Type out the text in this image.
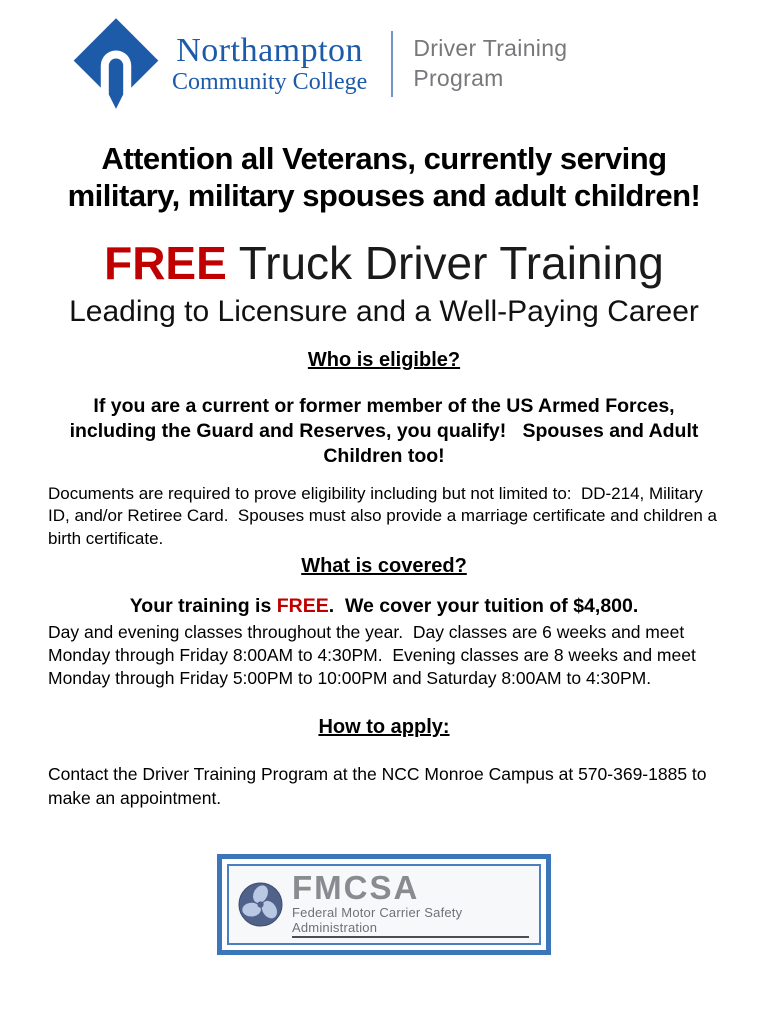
Northampton
Community College
Driver Training
Program
Attention all Veterans, currently serving
military, military spouses and adult children!
FREE Truck Driver Training
Leading to Licensure and a Well-Paying Career
Who is eligible?
If you are a current or former member of the US Armed Forces, including the Guard and Reserves, you qualify!   Spouses and Adult Children too!
Documents are required to prove eligibility including but not limited to:  DD-214, Military ID, and/or Retiree Card.  Spouses must also provide a marriage certificate and children a birth certificate.
What is covered?
Your training is FREE.  We cover your tuition of $4,800.
Day and evening classes throughout the year.  Day classes are 6 weeks and meet Monday through Friday 8:00AM to 4:30PM.  Evening classes are 8 weeks and meet Monday through Friday 5:00PM to 10:00PM and Saturday 8:00AM to 4:30PM.
How to apply:
Contact the Driver Training Program at the NCC Monroe Campus at 570-369-1885 to make an appointment.
FMCSA
Federal Motor Carrier Safety Administration
